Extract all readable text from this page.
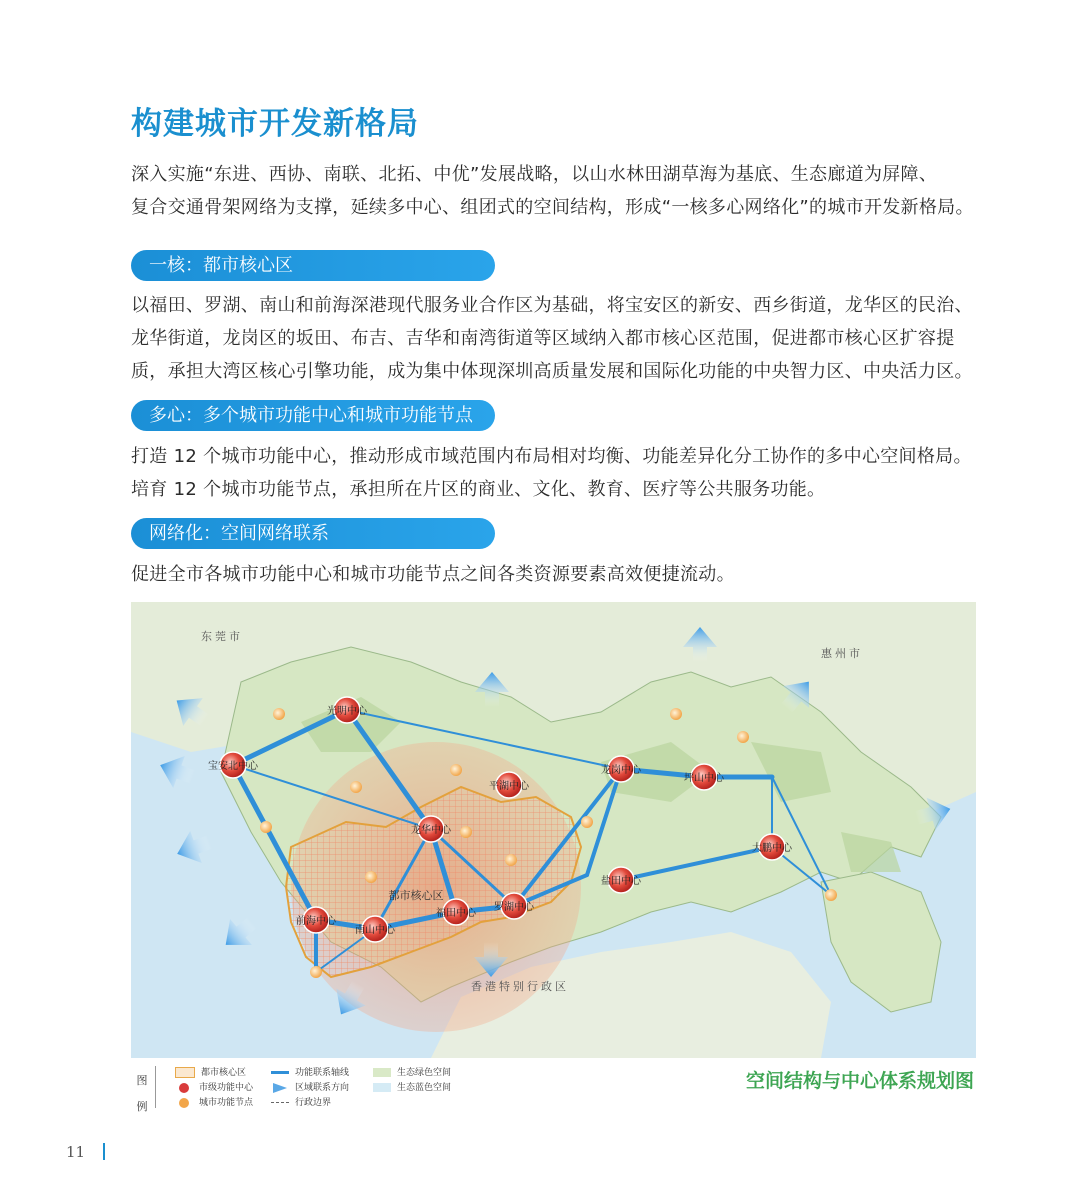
构建城市开发新格局

深入实施“东进、西协、南联、北拓、中优”发展战略，以山水林田湖草海为基底、生态廊道为屏障、

复合交通骨架网络为支撑，延续多中心、组团式的空间结构，形成“一核多心网络化”的城市开发新格局。

一核：都市核心区

以福田、罗湖、南山和前海深港现代服务业合作区为基础，将宝安区的新安、西乡街道，龙华区的民治、

龙华街道，龙岗区的坂田、布吉、吉华和南湾街道等区域纳入都市核心区范围，促进都市核心区扩容提

质，承担大湾区核心引擎功能，成为集中体现深圳高质量发展和国际化功能的中央智力区、中央活力区。

多心：多个城市功能中心和城市功能节点

打造 12 个城市功能中心，推动形成市域范围内布局相对均衡、功能差异化分工协作的多中心空间格局。

培育 12 个城市功能节点，承担所在片区的商业、文化、教育、医疗等公共服务功能。

网络化：空间网络联系

促进全市各城市功能中心和城市功能节点之间各类资源要素高效便捷流动。

光明中心
宝安北中心
龙华中心
前海中心
南山中心
福田中心
罗湖中心
平湖中心
龙岗中心
坪山中心
盐田中心
大鹏中心
东莞市
惠州市
香港特别行政区
都市核心区
图
例
都市核心区
市级功能中心
城市功能节点
功能联系轴线
区域联系方向
行政边界
生态绿色空间
生态蓝色空间	空间结构与中心体系规划图
11
